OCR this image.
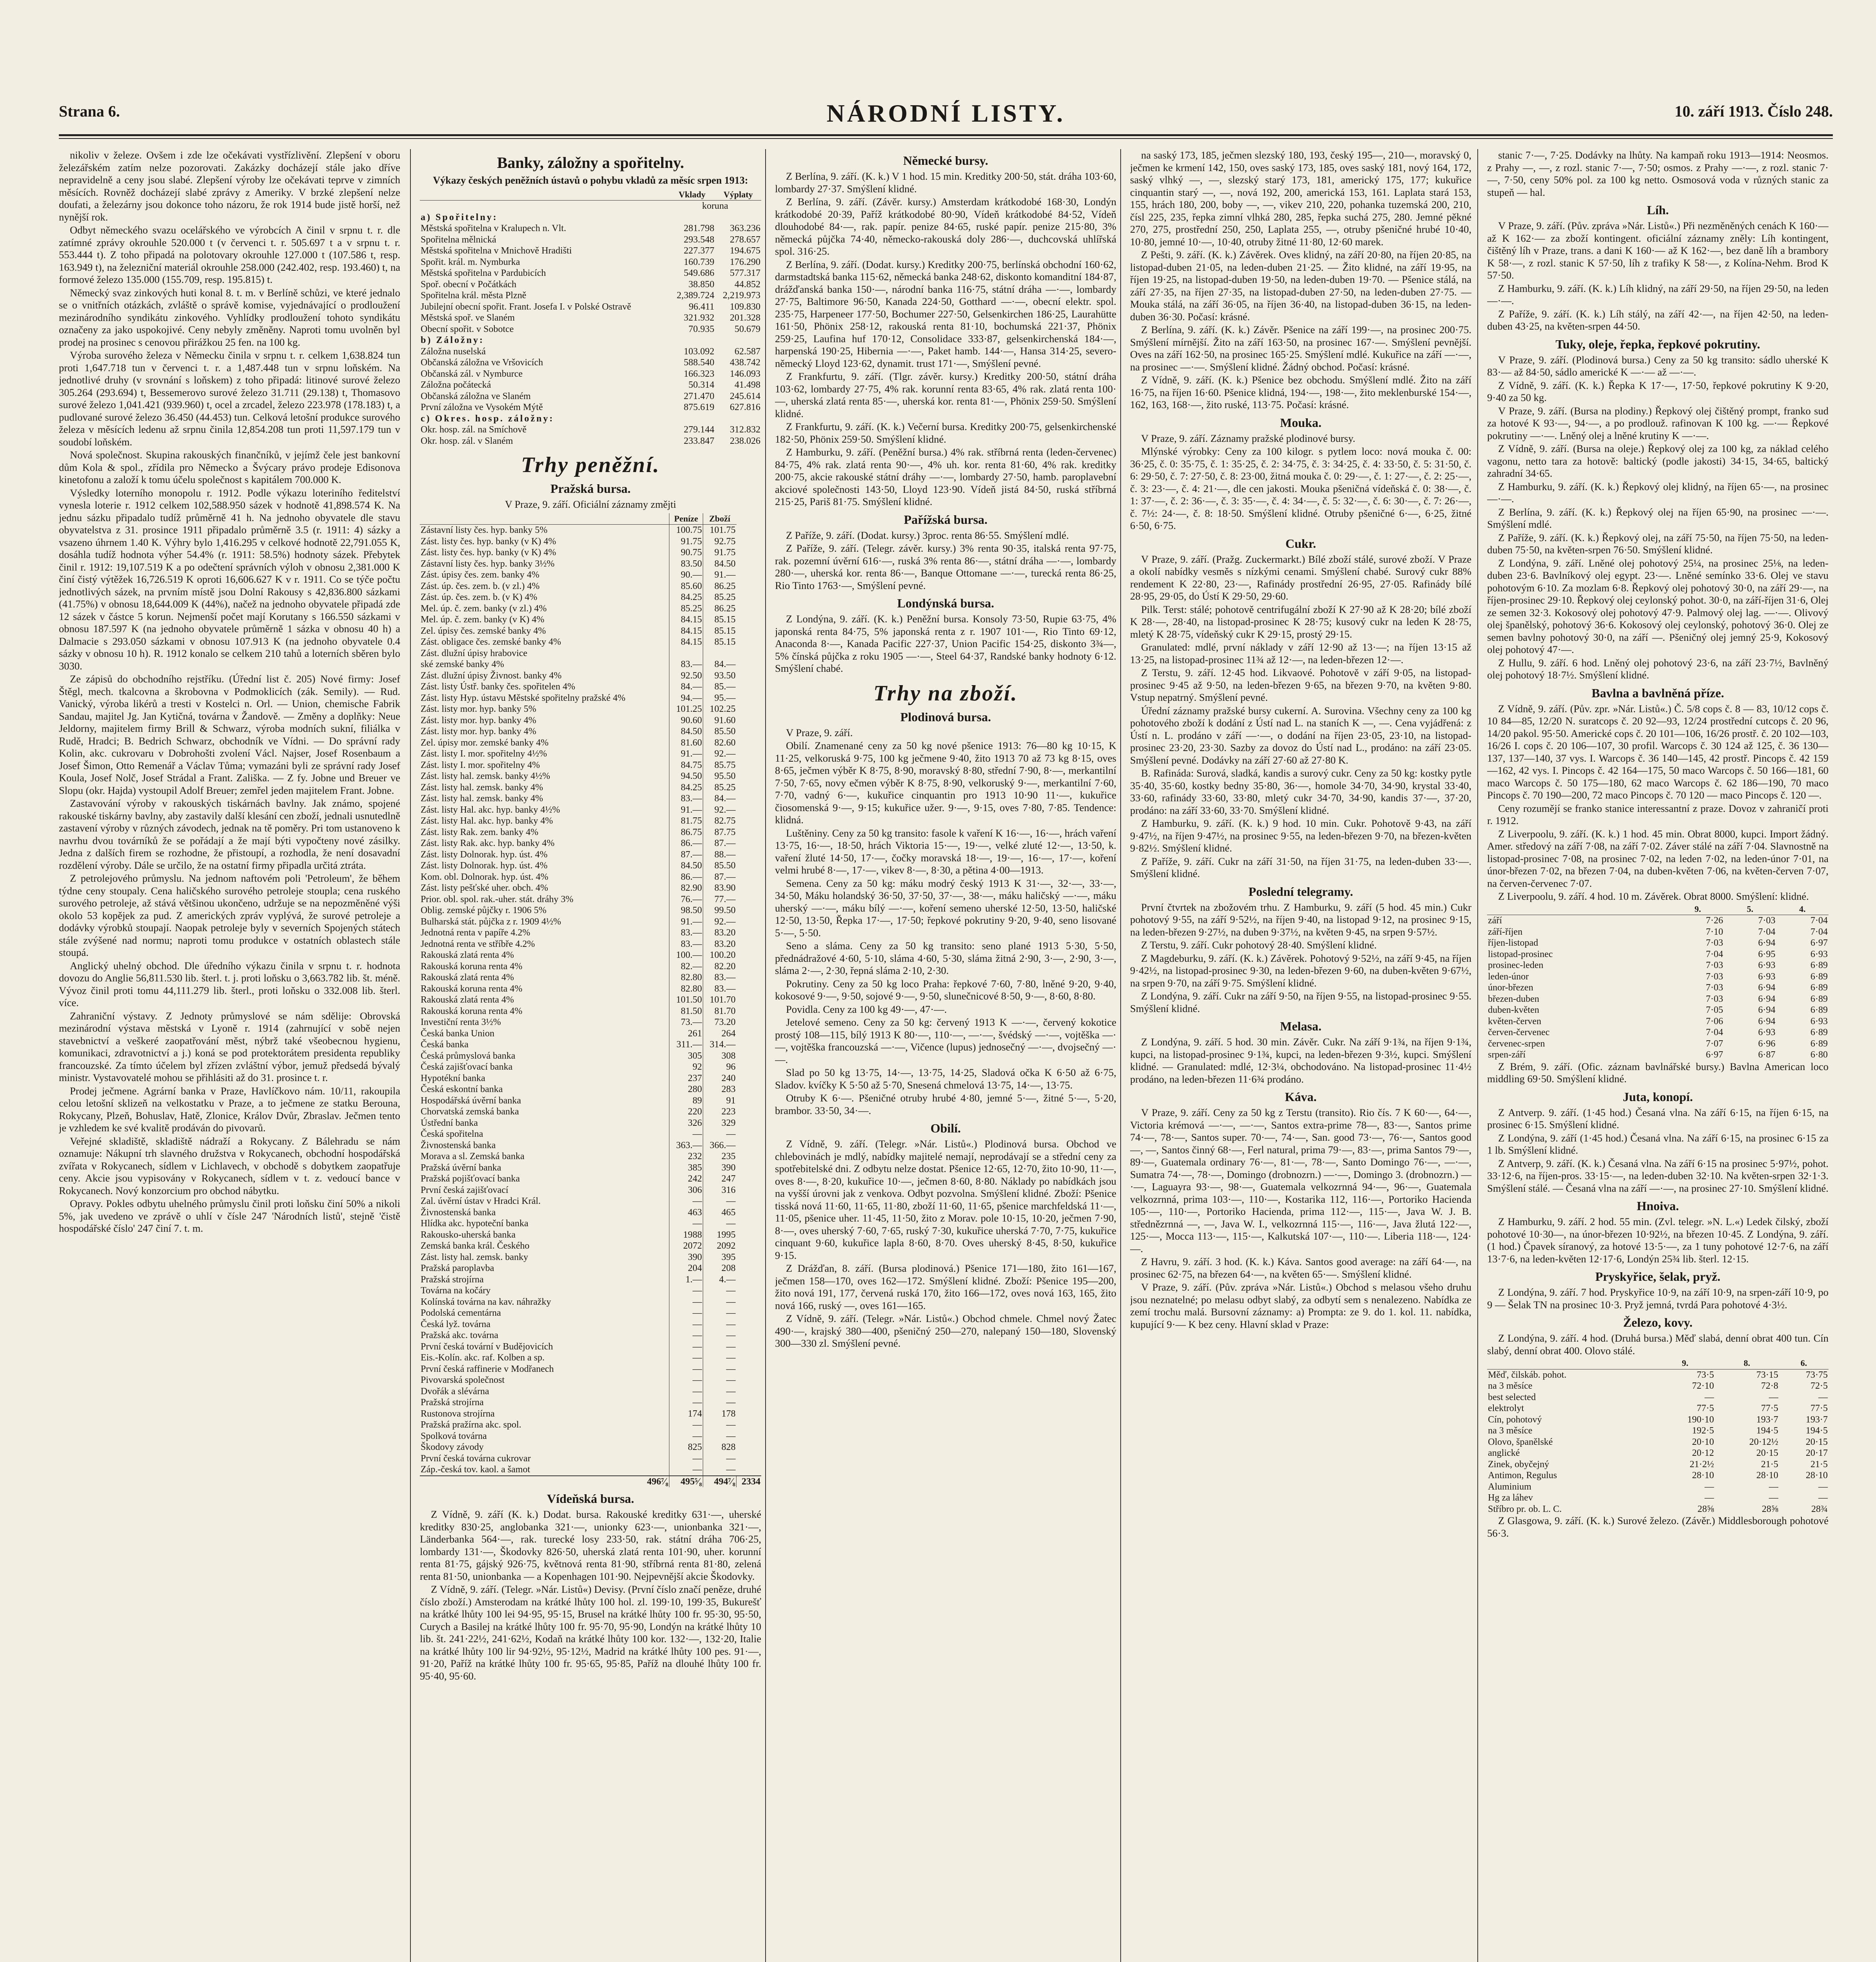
Strana 6.	NÁRODNÍ LISTY.	10. září 1913. Číslo 248.

nikoliv v železe. Ovšem i zde lze očekávati vystřízlivění. Zlepšení v oboru železářském zatím nelze pozorovati. Zakázky docházejí stále jako dříve nepravidelně a ceny jsou slabé. Zlepšení výroby lze očekávati teprve v zimních měsících. Rovněž docházejí slabé zprávy z Ameriky. V brzké zlepšení nelze doufati, a železárny jsou dokonce toho názoru, že rok 1914 bude jistě horší, než nynější rok.

Odbyt německého svazu ocelářského ve výrobcích A činil v srpnu t. r. dle zatímné zprávy okrouhle 520.000 t (v červenci t. r. 505.697 t a v srpnu t. r. 553.444 t). Z toho připadá na polotovary okrouhle 127.000 t (107.586 t, resp. 163.949 t), na železniční materiál okrouhle 258.000 (242.402, resp. 193.460) t, na formové železo 135.000 (155.709, resp. 195.815) t.

Německý svaz zinkových huti konal 8. t. m. v Berlíně schůzi, ve které jednalo se o vnitřních otázkách, zvláště o správě komise, vyjednávající o prodloužení mezinárodního syndikátu zinkového. Vyhlídky prodloužení tohoto syndikátu označeny za jako uspokojivé. Ceny nebyly změněny. Naproti tomu uvolněn byl prodej na prosinec s cenovou přirážkou 25 fen. na 100 kg.

Výroba surového železa v Německu činila v srpnu t. r. celkem 1,638.824 tun proti 1,647.718 tun v červenci t. r. a 1,487.448 tun v srpnu loňském. Na jednotlivé druhy (v srovnání s loňskem) z toho připadá: litinové surové železo 305.264 (293.694) t, Bessemerovo surové železo 31.711 (29.138) t, Thomasovo surové železo 1,041.421 (939.960) t, ocel a zrcadel, železo 223.978 (178.183) t, a pudlované surové železo 36.450 (44.453) tun. Celková letošní produkce surového železa v měsících ledenu až srpnu činila 12,854.208 tun proti 11,597.179 tun v soudobí loňském.

Nová společnost. Skupina rakouských finančníků, v jejímž čele jest bankovní dům Kola & spol., zřídila pro Německo a Švýcary právo prodeje Edisonova kinetofonu a založí k tomu účelu společnost s kapitálem 700.000 K.

Výsledky loterního monopolu r. 1912. Podle výkazu loteriního ředitelství vynesla loterie r. 1912 celkem 102,588.950 sázek v hodnotě 41,898.574 K. Na jednu sázku připadalo tudíž průměrně 41 h. Na jednoho obyvatele dle stavu obyvatelstva z 31. prosince 1911 připadalo průměrně 3.5 (r. 1911: 4) sázky a vsazeno úhrnem 1.40 K. Výhry bylo 1,416.295 v celkové hodnotě 22,791.055 K, dosáhla tudíž hodnota výher 54.4% (r. 1911: 58.5%) hodnoty sázek. Přebytek činil r. 1912: 19,107.519 K a po odečtení správních výloh v obnosu 2,381.000 K činí čistý výtěžek 16,726.519 K oproti 16,606.627 K v r. 1911. Co se týče počtu jednotlivých sázek, na prvním místě jsou Dolní Rakousy s 42,836.800 sázkami (41.75%) v obnosu 18,644.009 K (44%), načež na jednoho obyvatele připadá zde 12 sázek v částce 5 korun. Nejmenší počet mají Korutany s 166.550 sázkami v obnosu 187.597 K (na jednoho obyvatele průměrně 1 sázka v obnosu 40 h) a Dalmacie s 293.050 sázkami v obnosu 107.913 K (na jednoho obyvatele 0.4 sázky v obnosu 10 h). R. 1912 konalo se celkem 210 tahů a loterních sběren bylo 3030.

Ze zápisů do obchodního rejstříku. (Úřední list č. 205) Nové firmy: Josef Štěgl, mech. tkalcovna a škrobovna v Podmoklicích (zák. Semily). — Rud. Vanický, výroba likérů a tresti v Kostelci n. Orl. — Union, chemische Fabrik Sandau, majitel Jg. Jan Kytičná, továrna v Žandově. — Změny a doplňky: Neue Jeldorny, majitelem firmy Brill & Schwarz, výroba modních sukní, filiálka v Rudě, Hradci; B. Bedrich Schwarz, obchodník ve Vídni. — Do správní rady Kolin, akc. cukrovaru v Dobrohošti zvolení Václ. Najser, Josef Rosenbaum a Josef Šimon, Otto Remenář a Václav Tůma; vymazáni byli ze správní rady Josef Koula, Josef Nolč, Josef Strádal a Frant. Zališka. — Z fy. Jobne und Breuer ve Slopu (okr. Hajda) vystoupil Adolf Breuer; zemřel jeden majitelem Frant. Jobne.

Zastavování výroby v rakouských tiskárnách bavlny. Jak známo, spojené rakouské tiskárny bavlny, aby zastavily další klesání cen zboží, jednali usnutedlně zastavení výroby v různých závodech, jednak na tě poměry. Pri tom ustanoveno k navrhu dvou továrníků že se pořádají a že mají býti vypočteny nové zásilky. Jedna z dalších firem se rozhodne, že přistoupí, a rozhodla, že není dosavadní rozdělení výroby. Dále se určilo, že na ostatní firmy připadla určitá ztráta.

Z petrolejového průmyslu. Na jednom naftovém poli 'Petroleum', že během týdne ceny stoupaly. Cena haličského surového petroleje stoupla; cena ruského surového petroleje, až stává většinou ukončeno, udržuje se na nepozměněné výši okolo 53 kopějek za pud. Z amerických zpráv vyplývá, že surové petroleje a dodávky výrobků stoupají. Naopak petroleje byly v severních Spojených státech stále zvýšené nad normu; naproti tomu produkce v ostatních oblastech stále stoupá.

Anglický uhelný obchod. Dle úředního výkazu činila v srpnu t. r. hodnota dovozu do Anglie 56,811.530 lib. šterl. t. j. proti loňsku o 3,663.782 lib. št. méně. Vývoz činil proti tomu 44,111.279 lib. šterl., proti loňsku o 332.008 lib. šterl. více.

Zahraniční výstavy. Z Jednoty průmyslové se nám sdělije: Obrovská mezinárodní výstava městská v Lyoně r. 1914 (zahrnující v sobě nejen stavebnictví a veškeré zaopatřování měst, nýbrž také všeobecnou hygienu, komunikaci, zdravotnictví a j.) koná se pod protektorátem presidenta republiky francouzské. Za tímto účelem byl zřízen zvláštní výbor, jemuž předsedá bývalý ministr. Vystavovatelé mohou se přihlásiti až do 31. prosince t. r.

Prodej ječmene. Agrární banka v Praze, Havlíčkovo nám. 10/11, rakoupila celou letošní sklizeň na velkostatku v Praze, a to ječmene ze statku Berouna, Rokycany, Plzeň, Bohuslav, Hatě, Zlonice, Králov Dvůr, Zbraslav. Ječmen tento je vzhledem ke své kvalitě prodáván do pivovarů.

Veřejné skladiště, skladiště nádraží a Rokycany. Z Bálehradu se nám oznamuje: Nákupní trh slavného družstva v Rokycanech, obchodní hospodářská zvířata v Rokycanech, sídlem v Lichlavech, v obchodě s dobytkem zaopatřuje ceny. Akcie jsou vypisovány v Rokycanech, sídlem v t. z. vedoucí bance v Rokycanech. Nový konzorcium pro obchod nábytku.

Opravy. Pokles odbytu uhelného průmyslu činil proti loňsku činí 50% a nikoli 5%, jak uvedeno ve zprávě o uhlí v čísle 247 'Národních listů', stejně 'čistě hospodářské číslo' 247 činí 7. t. m.

Banky, záložny a spořitelny.
Výkazy českých peněžních ústavů o pohybu vkladů za měsíc srpen 1913:
	Vklady	Výplaty
	koruna	
a) Spořitelny:		
Městská spořitelna v Kralupech n. Vlt.	281.798	363.236
Spořitelna mělnická	293.548	278.657
Městská spořitelna v Mnichově Hradišti	227.377	194.675
Spořit. král. m. Nymburka	160.739	176.290
Městská spořitelna v Pardubicích	549.686	577.317
Spoř. obecní v Počátkách	38.850	44.852
Spořitelna král. města Plzně	2,389.724	2,219.973
Jubilejní obecní spořit. Frant. Josefa I. v Polské Ostravě	96.411	109.830
Městská spoř. ve Slaném	321.932	201.328
Obecní spořit. v Sobotce	70.935	50.679
b) Záložny:		
Záložna nuselská	103.092	62.587
Občanská záložna ve Vršovicích	588.540	438.742
Občanská zál. v Nymburce	166.323	146.093
Záložna počátecká	50.314	41.498
Občanská záložna ve Slaném	271.470	245.614
První záložna ve Vysokém Mýtě	875.619	627.816
c) Okres. hosp. záložny:		
Okr. hosp. zál. na Smíchově	279.144	312.832
Okr. hosp. zál. v Slaném	233.847	238.026
Trhy peněžní.
Pražská bursa.
V Praze, 9. září. Oficiální záznamy změjti
	Peníze	Zboží	
Zástavní listy čes. hyp. banky 5%	100.75	101.75	
Zást. listy čes. hyp. banky (v K) 4%	91.75	92.75	
Zást. listy čes. hyp. banky (v K) 4%	90.75	91.75	
Zástavní listy čes. hyp. banky 3½%	83.50	84.50	
Zást. úpisy čes. zem. banky 4%	90.—	91.—	
Zást. úp. čes. zem. b. (v zl.) 4%	85.60	86.25	
Zást. úp. čes. zem. b. (v K) 4%	84.25	85.25	
Mel. úp. č. zem. banky (v zl.) 4%	85.25	86.25	
Mel. úp. č. zem. banky (v K) 4%	84.15	85.15	
Zel. úpisy čes. zemské banky 4%	84.15	85.15	
Zást. obligace čes. zemské banky 4%	84.15	85.15	
Zást. dlužní úpisy hrabovice			
ské zemské banky 4%	83.—	84.—	
Zást. dlužní úpisy Živnost. banky 4%	92.50	93.50	
Zást. listy Ústř. banky čes. spořitelen 4%	84.—	85.—	
Zást. listy Hyp. ústavu Městské spořitelny pražské 4%	94.—	95.—	
Zást. listy mor. hyp. banky 5%	101.25	102.25	
Zást. listy mor. hyp. banky 4%	90.60	91.60	
Zást. listy mor. hyp. banky 4%	84.50	85.50	
Zel. úpisy mor. zemské banky 4%	81.60	82.60	
Zást. listy I. mor. spořitelny 4½%	91.—	92.—	
Zást. listy I. mor. spořitelny 4%	84.75	85.75	
Zást. listy hal. zemsk. banky 4½%	94.50	95.50	
Zást. listy hal. zemsk. banky 4%	84.25	85.25	
Zást. listy hal. zemsk. banky 4%	83.—	84.—	
Zást. listy Hal. akc. hyp. banky 4½%	91.—	92.—	
Zást. listy Hal. akc. hyp. banky 4%	81.75	82.75	
Zást. listy Rak. zem. banky 4%	86.75	87.75	
Zást. listy Rak. akc. hyp. banky 4%	86.—	87.—	
Zást. listy Dolnorak. hyp. úst. 4%	87.—	88.—	
Zást. listy Dolnorak. hyp. úst. 4%	84.50	85.50	
Kom. obl. Dolnorak. hyp. úst. 4%	86.—	87.—	
Zást. listy pešťské uher. obch. 4%	82.90	83.90	
Prior. obl. spol. rak.-uher. stát. dráhy 3%	76.—	77.—	
Oblig. zemské půjčky r. 1906 5%	98.50	99.50	
Bulharská stát. půjčka z r. 1909 4½%	91.—	92.—	
Jednotná renta v papíře 4.2%	83.—	83.20	
Jednotná renta ve stříbře 4.2%	83.—	83.20	
Rakouská zlatá renta 4%	100.—	100.20	
Rakouská koruna renta 4%	82.—	82.20	
Rakouská zlatá renta 4%	82.80	83.—	
Rakouská koruna renta 4%	82.80	83.—	
Rakouská zlatá renta 4%	101.50	101.70	
Rakouská koruna renta 4%	81.50	81.70	
Investiční renta 3½%	73.—	73.20	
Česká banka Union	261	264	
Česká banka	311.—	314.—	
Česká průmyslová banka	305	308	
Česká zajišťovací banka	92	96	
Hypotékní banka	237	240	
Česká eskontní banka	280	283	
Hospodářská úvěrní banka	89	91	
Chorvatská zemská banka	220	223	
Ústřední banka	326	329	
Česká spořitelna	—	—	
Živnostenská banka	363.—	366.—	
Morava a sl. Zemská banka	232	235	
Pražská úvěrní banka	385	390	
Pražská pojišťovací banka	242	247	
První česká zajišťovací	306	316	
Zal. úvěrní ústav v Hradci Král.	—	—	
Živnostenská banka	463	465	
Hlídka akc. hypoteční banka	—	—	
Rakousko-uherská banka	1988	1995	
Zemská banka král. Českého	2072	2092	
Zást. listy hal. zemsk. banky	390	395	
Pražská paroplavba	204	208	
Pražská strojírna	1.—	4.—	
Továrna na kočáry	—	—	
Kolínská továrna na kav. náhražky	—	—	
Podolská cementárna	—	—	
Česká lyž. továrna	—	—	
Pražská akc. továrna	—	—	
První česká tovární v Budějovicích	—	—	
Eis.-Kolín. akc. raf. Kolben a sp.	—	—	
První česká raffinerie v Modřanech	—	—	
Pivovarská společnost	—	—	
Dvořák a slévárna	—	—	
Pražská strojírna	—	—	
Rustonova strojírna	174	178	
Pražská pražírna akc. spol.	—	—	
Spolková továrna	—	—	
Škodovy závody	825	828	
První česká továrna cukrovar	—	—	
Záp.-česká tov. kaol. a šamot	—	—	
496⁷⁄₈	495⁵⁄₈	494⁷⁄₈	2334
Vídeňská bursa.

Z Vídně, 9. září (K. k.) Dodat. bursa. Rakouské kreditky 631·—, uherské kreditky 830·25, anglobanka 321·—, unionky 623·—, unionbanka 321·—, Länderbanka 564·—, rak. turecké losy 233·50, rak. státní dráha 706·25, lombardy 131·—, Škodovky 826·50, uherská zlatá renta 101·90, uher. korunní renta 81·75, gájský 926·75, květnová renta 81·90, stříbrná renta 81·80, zelená renta 81·50, unionbanka — a Kopenhagen 101·90. Nejpevnější akcie Škodovky.

Z Vídně, 9. září. (Telegr. »Nár. Listů«) Devisy. (První číslo značí peněze, druhé číslo zboží.) Amsterodam na krátké lhůty 100 hol. zl. 199·10, 199·35, Bukurešť na krátké lhůty 100 lei 94·95, 95·15, Brusel na krátké lhůty 100 fr. 95·30, 95·50, Curych a Basilej na krátké lhůty 100 fr. 95·70, 95·90, Londýn na krátké lhůty 10 lib. št. 241·22½, 241·62½, Kodaň na krátké lhůty 100 kor. 132·—, 132·20, Italie na krátké lhůty 100 lir 94·92½, 95·12½, Madrid na krátké lhůty 100 pes. 91·—, 91·20, Paříž na krátké lhůty 100 fr. 95·65, 95·85, Paříž na dlouhé lhůty 100 fr. 95·40, 95·60.

Německé bursy.

Z Berlína, 9. září. (K. k.) V 1 hod. 15 min. Kreditky 200·50, stát. dráha 103·60, lombardy 27·37. Smýšlení klidné.

Z Berlína, 9. září. (Závěr. kursy.) Amsterdam krátkodobé 168·30, Londýn krátkodobé 20·39, Paříž krátkodobé 80·90, Vídeň krátkodobé 84·52, Vídeň dlouhodobé 84·—, rak. papír. penize 84·65, ruské papír. penize 215·80, 3% německá půjčka 74·40, německo-rakouská doly 286·—, duchcovská uhlířská spol. 316·25.

Z Berlína, 9. září. (Dodat. kursy.) Kreditky 200·75, berlínská obchodní 160·62, darmstadtská banka 115·62, německá banka 248·62, diskonto komanditní 184·87, drážďanská banka 150·—, národní banka 116·75, státní dráha —·—, lombardy 27·75, Baltimore 96·50, Kanada 224·50, Gotthard —·—, obecní elektr. spol. 235·75, Harpeneer 177·50, Bochumer 227·50, Gelsenkirchen 186·25, Laurahütte 161·50, Phönix 258·12, rakouská renta 81·10, bochumská 221·37, Phönix 259·25, Laufina huf 170·12, Consolidace 333·87, gelsenkirchenská 184·—, harpenská 190·25, Hibernia —·—, Paket hamb. 144·—, Hansa 314·25, severo-německý Lloyd 123·62, dynamit. trust 171·—, Smýšlení pevné.

Z Frankfurtu, 9. září. (Tlgr. závěr. kursy.) Kreditky 200·50, státní dráha 103·62, lombardy 27·75, 4% rak. korunní renta 83·65, 4% rak. zlatá renta 100·—, uherská zlatá renta 85·—, uherská kor. renta 81·—, Phönix 259·50. Smýšlení klidné.

Z Frankfurtu, 9. září. (K. k.) Večerní bursa. Kreditky 200·75, gelsenkirchenské 182·50, Phönix 259·50. Smýšlení klidné.

Z Hamburku, 9. září. (Peněžní bursa.) 4% rak. stříbrná renta (leden-červenec) 84·75, 4% rak. zlatá renta 90·—, 4% uh. kor. renta 81·60, 4% rak. kreditky 200·75, akcie rakouské státní dráhy —·—, lombardy 27·50, hamb. paroplavební akciové společnosti 143·50, Lloyd 123·90. Vídeň jistá 84·50, ruská stříbrná 215·25, Pariš 81·75. Smýšlení klidné.

Pařížská bursa.

Z Paříže, 9. září. (Dodat. kursy.) 3proc. renta 86·55. Smýšlení mdlé.

Z Paříže, 9. září. (Telegr. závěr. kursy.) 3% renta 90·35, italská renta 97·75, rak. pozemní úvěrní 616·—, ruská 3% renta 86·—, státní dráha —·—, lombardy 280·—, uherská kor. renta 86·—, Banque Ottomane —·—, turecká renta 86·25, Rio Tinto 1763·—, Smýšlení pevné.

Londýnská bursa.

Z Londýna, 9. září. (K. k.) Peněžní bursa. Konsoly 73·50, Rupie 63·75, 4% japonská renta 84·75, 5% japonská renta z r. 1907 101·—, Rio Tinto 69·12, Anaconda 8·—, Kanada Pacific 227·37, Union Pacific 154·25, diskonto 3¾—, 5% čínská půjčka z roku 1905 —·—, Steel 64·37, Randské banky hodnoty 6·12. Smýšlení chabé.

Trhy na zboží.
Plodinová bursa.

V Praze, 9. září.

Obilí. Znamenané ceny za 50 kg nové pšenice 1913: 76—80 kg 10·15, K 11·25, velkoruská 9·75, 100 kg ječmene 9·40, žito 1913 70 až 73 kg 8·15, oves 8·65, ječmen výběr K 8·75, 8·90, moravský 8·80, střední 7·90, 8·—, merkantilní 7·50, 7·65, novy ečmen výběr K 8·75, 8·90, velkoruský 9·—, merkantilní 7·60, 7·70, vadný 6·—, kukuřice cinquantin pro 1913 10·90 11·—, kukuřice čiosomenská 9·—, 9·15; kukuřice užer. 9·—, 9·15, oves 7·80, 7·85. Tendence: klidná.

Luštěniny. Ceny za 50 kg transito: fasole k vaření K 16·—, 16·—, hrách vaření 13·75, 16·—, 18·50, hrách Viktoria 15·—, 19·—, velké zluté 12·—, 13·50, k. vaření žluté 14·50, 17·—, čočky moravská 18·—, 19·—, 16·—, 17·—, koření velmi hrubé 8·—, 17·—, vikev 8·—, 8·30, a pětina 4·00—1913.

Semena. Ceny za 50 kg: máku modrý český 1913 K 31·—, 32·—, 33·—, 34·50, Máku holandský 36·50, 37·50, 37·—, 38·—, máku haličský —·—, máku uherský —·—, máku bílý —·—, koření semeno uherské 12·50, 13·50, haličské 12·50, 13·50, Řepka 17·—, 17·50; řepkové pokrutiny 9·20, 9·40, seno lisované 5·—, 5·50.

Seno a sláma. Ceny za 50 kg transito: seno plané 1913 5·30, 5·50, přednádražové 4·60, 5·10, sláma 4·60, 5·30, sláma žitná 2·90, 3·—, 2·90, 3·—, sláma 2·—, 2·30, řepná sláma 2·10, 2·30.

Pokrutiny. Ceny za 50 kg loco Praha: řepkové 7·60, 7·80, lněné 9·20, 9·40, kokosové 9·—, 9·50, sojové 9·—, 9·50, slunečnicové 8·50, 9·—, 8·60, 8·80.

Povidla. Ceny za 100 kg 49·—, 47·—.

Jetelové semeno. Ceny za 50 kg: červený 1913 K —·—, červený kokotice prostý 108—115, bílý 1913 K 80·—, 110·—, —·—, švédský —·—, vojtěška —·—, vojtěška francouzská —·—, Vičence (lupus) jednosečný —·—, dvojsečný —·—.

Slad po 50 kg 13·75, 14·—, 13·75, 14·25, Sladová očka K 6·50 až 6·75, Sladov. kvíčky K 5·50 až 5·70, Snesená chmelová 13·75, 14·—, 13·75.

Otruby K 6·—. Pšeničné otruby hrubé 4·80, jemné 5·—, žitné 5·—, 5·20, brambor. 33·50, 34·—.

Obilí.

Z Vídně, 9. září. (Telegr. »Nár. Listů«.) Plodinová bursa. Obchod ve chlebovinách je mdlý, nabídky majitelé nemají, neprodávají se a střední ceny za spotřebitelské dni. Z odbytu nelze dostat. Pšenice 12·65, 12·70, žito 10·90, 11·—, oves 8·—, 8·20, kukuřice 10·—, ječmen 8·60, 8·80. Náklady po nabídkách jsou na vyšší úrovni jak z venkova. Odbyt pozvolna. Smýšlení klidné. Zboží: Pšenice tisská nová 11·60, 11·65, 11·80, zboží 11·60, 11·65, pšenice marchfeldská 11·—, 11·05, pšenice uher. 11·45, 11·50, žito z Morav. pole 10·15, 10·20, ječmen 7·90, 8·—, oves uherský 7·60, 7·65, ruský 7·30, kukuřice uherská 7·70, 7·75, kukuřice cinquant 9·60, kukuřice lapla 8·60, 8·70. Oves uherský 8·45, 8·50, kukuřice 9·15.

Z Drážďan, 8. září. (Bursa plodinová.) Pšenice 171—180, žito 161—167, ječmen 158—170, oves 162—172. Smýšlení klidné. Zboží: Pšenice 195—200, žito nová 191, 177, červená ruská 170, žito 166—172, oves nová 163, 165, žito nová 166, ruský —, oves 161—165.

Z Vídně, 9. září. (Telegr. »Nár. Listů«.) Obchod chmele. Chmel nový Žatec 490·—, krajský 380—400, pšeničný 250—270, nalepaný 150—180, Slovenský 300—330 zl. Smýšlení pevné.

na saský 173, 185, ječmen slezský 180, 193, český 195—, 210—, moravský 0, ječmen ke krmení 142, 150, oves saský 173, 185, oves saský 181, nový 164, 172, saský vlhký —, —, slezský starý 173, 181, americký 175, 177; kukuřice cinquantin starý —, —, nová 192, 200, americká 153, 161. Laplata stará 153, 155, hrách 180, 200, boby —, —, vikev 210, 220, pohanka tuzemská 200, 210, čísl 225, 235, řepka zimní vlhká 280, 285, řepka suchá 275, 280. Jemné pěkné 270, 275, prostřední 250, 250, Laplata 255, —, otruby pšeničné hrubé 10·40, 10·80, jemné 10·—, 10·40, otruby žitné 11·80, 12·60 marek.

Z Pešti, 9. září. (K. k.) Závěrek. Oves klidný, na září 20·80, na říjen 20·85, na listopad-duben 21·05, na leden-duben 21·25. — Žito klidné, na září 19·95, na říjen 19·25, na listopad-duben 19·50, na leden-duben 19·70. — Pšenice stálá, na září 27·35, na říjen 27·35, na listopad-duben 27·50, na leden-duben 27·75. — Mouka stálá, na září 36·05, na říjen 36·40, na listopad-duben 36·15, na leden-duben 36·30. Počasí: krásné.

Z Berlína, 9. září. (K. k.) Závěr. Pšenice na září 199·—, na prosinec 200·75. Smýšlení mírnější. Žito na září 163·50, na prosinec 167·—. Smýšlení pevnější. Oves na září 162·50, na prosinec 165·25. Smýšlení mdlé. Kukuřice na září —·—, na prosinec —·—. Smýšlení klidné. Žádný obchod. Počasí: krásné.

Z Vídně, 9. září. (K. k.) Pšenice bez obchodu. Smýšlení mdlé. Žito na září 16·75, na říjen 16·60. Pšenice klidná, 194·—, 198·—, žito meklenburské 154·—, 162, 163, 168·—, žito ruské, 113·75. Počasí: krásné.

Mouka.

V Praze, 9. září. Záznamy pražské plodinové bursy.

Mlýnské výrobky: Ceny za 100 kilogr. s pytlem loco: nová mouka č. 00: 36·25, č. 0: 35·75, č. 1: 35·25, č. 2: 34·75, č. 3: 34·25, č. 4: 33·50, č. 5: 31·50, č. 6: 29·50, č. 7: 27·50, č. 8: 23·00, žitná mouka č. 0: 29·—, č. 1: 27·—, č. 2: 25·—, č. 3: 23·—, č. 4: 21·—, dle cen jakosti. Mouka pšeničná vídeňská č. 0: 38·—, č. 1: 37·—, č. 2: 36·—, č. 3: 35·—, č. 4: 34·—, č. 5: 32·—, č. 6: 30·—, č. 7: 26·—, č. 7½: 24·—, č. 8: 18·50. Smýšlení klidné. Otruby pšeničné 6·—, 6·25, žitné 6·50, 6·75.

Cukr.

V Praze, 9. září. (Pražg. Zuckermarkt.) Bílé zboží stálé, surové zboží. V Praze a okolí nabídky vesměs s nízkými cenami. Smýšlení chabé. Surový cukr 88% rendement K 22·80, 23·—, Rafinády prostřední 26·95, 27·05. Rafinády bílé 28·95, 29·05, do Ústí K 29·50, 29·60.

Pilk. Terst: stálé; pohotově centrifugální zboží K 27·90 až K 28·20; bílé zboží K 28·—, 28·40, na listopad-prosinec K 28·75; kusový cukr na leden K 28·75, mletý K 28·75, vídeňský cukr K 29·15, prostý 29·15.

Granulated: mdlé, první náklady v září 12·90 až 13·—; na říjen 13·15 až 13·25, na listopad-prosinec 11¾ až 12·—, na leden-březen 12·—.

Z Terstu, 9. září. 12·45 hod. Likvaové. Pohotově v září 9·05, na listopad-prosinec 9·45 až 9·50, na leden-březen 9·65, na březen 9·70, na květen 9·80. Vstup nepatrný. Smýšlení pevné.

Úřední záznamy pražské bursy cukerní. A. Surovina. Všechny ceny za 100 kg pohotového zboží k dodání z Ústí nad L. na staních K —, —. Cena vyjádřená: z Ústí n. L. prodáno v září —·—, o dodání na říjen 23·05, 23·10, na listopad-prosinec 23·20, 23·30. Sazby za dovoz do Ústí nad L., prodáno: na září 23·05. Smýšlení pevné. Dodávky na září 27·60 až 27·80 K.

B. Rafináda: Surová, sladká, kandis a surový cukr. Ceny za 50 kg: kostky pytle 35·40, 35·60, kostky bedny 35·80, 36·—, homole 34·70, 34·90, krystal 33·40, 33·60, rafinády 33·60, 33·80, mletý cukr 34·70, 34·90, kandis 37·—, 37·20, prodáno: na září 33·60, 33·70. Smýšlení klidné.

Z Hamburku, 9. září. (K. k.) 9 hod. 10 min. Cukr. Pohotově 9·43, na září 9·47½, na říjen 9·47½, na prosinec 9·55, na leden-březen 9·70, na březen-květen 9·82½. Smýšlení klidné.

Z Paříže, 9. září. Cukr na září 31·50, na říjen 31·75, na leden-duben 33·—. Smýšlení klidné.

Poslední telegramy.

První čtvrtek na zbožovém trhu. Z Hamburku, 9. září (5 hod. 45 min.) Cukr pohotový 9·55, na září 9·52½, na říjen 9·40, na listopad 9·12, na prosinec 9·15, na leden-březen 9·27½, na duben 9·37½, na květen 9·45, na srpen 9·57½.

Z Terstu, 9. září. Cukr pohotový 28·40. Smýšlení klidné.

Z Magdeburku, 9. září. (K. k.) Závěrek. Pohotový 9·52½, na září 9·45, na říjen 9·42½, na listopad-prosinec 9·30, na leden-březen 9·60, na duben-květen 9·67½, na srpen 9·70, na září 9·75. Smýšlení klidné.

Z Londýna, 9. září. Cukr na září 9·50, na říjen 9·55, na listopad-prosinec 9·55. Smýšlení klidné.

Melasa.

Z Londýna, 9. září. 5 hod. 30 min. Závěr. Cukr. Na září 9·1¾, na říjen 9·1¾, kupci, na listopad-prosinec 9·1¾, kupci, na leden-březen 9·3½, kupci. Smýšlení klidné. — Granulated: mdlé, 12·3¼, obchodováno. Na listopad-prosinec 11·4½ prodáno, na leden-březen 11·6¾ prodáno.

Káva.

V Praze, 9. září. Ceny za 50 kg z Terstu (transito). Rio čís. 7 K 60·—, 64·—, Victoria krémová —·—, —·—, Santos extra-prime 78—, 83·—, Santos prime 74·—, 78·—, Santos super. 70·—, 74·—, San. good 73·—, 76·—, Santos good —, —, Santos činný 68·—, Ferl natural, prima 79·—, 83·—, prima Santos 79·—, 89·—, Guatemala ordinary 76·—, 81·—, 78·—, Santo Domingo 76·—, —·—, Sumatra 74·—, 78·—, Domingo (drobnozrn.) —·—, Domingo 3. (drobnozrn.) —·—, Laguayra 93·—, 98·—, Guatemala velkozrnná 94·—, 96·—, Guatemala velkozrnná, prima 103·—, 110·—, Kostarika 112, 116·—, Portoriko Hacienda 105·—, 110·—, Portoriko Hacienda, prima 112·—, 115·—, Java W. J. B. střednězrnná —, —, Java W. I., velkozrnná 115·—, 116·—, Java žlutá 122·—, 125·—, Mocca 113·—, 115·—, Kalkutská 107·—, 110·—. Liberia 118·—, 124·—.

Z Havru, 9. září. 3 hod. (K. k.) Káva. Santos good average: na září 64·—, na prosinec 62·75, na březen 64·—, na květen 65·—. Smýšlení klidné.

V Praze, 9. září. (Pův. zpráva »Nár. Listů«.) Obchod s melasou všeho druhu jsou neznatelné; po melasu odbyt slabý, za odbytí sem s nenalezeno. Nabídka ze zemí trochu malá. Bursovní záznamy: a) Prompta: ze 9. do 1. kol. 11. nabídka, kupující 9·— K bez ceny. Hlavní sklad v Praze:

stanic 7·—, 7·25. Dodávky na lhůty. Na kampaň roku 1913—1914: Neosmos. z Prahy —, —, z rozl. stanic 7·—, 7·50; osmos. z Prahy —·—, z rozl. stanic 7·—, 7·50, ceny 50% pol. za 100 kg netto. Osmosová voda v různých stanic za stupeň — hal.

Líh.

V Praze, 9. září. (Pův. zpráva »Nár. Listů«.) Při nezměněných cenách K 160·— až K 162·— za zboží kontingent. oficiální záznamy zněly: Líh kontingent, čištěný líh v Praze, trans. a dani K 160·— až K 162·—, bez daně líh a brambory K 58·—, z rozl. stanic K 57·50, líh z trafiky K 58·—, z Kolína-Nehm. Brod K 57·50.

Z Hamburku, 9. září. (K. k.) Líh klidný, na září 29·50, na říjen 29·50, na leden —·—.

Z Paříže, 9. září. (K. k.) Líh stálý, na září 42·—, na říjen 42·50, na leden-duben 43·25, na květen-srpen 44·50.

Tuky, oleje, řepka, řepkové pokrutiny.

V Praze, 9. září. (Plodinová bursa.) Ceny za 50 kg transito: sádlo uherské K 83·— až 84·50, sádlo americké K —·— až —·—.

Z Vídně, 9. září. (K. k.) Řepka K 17·—, 17·50, řepkové pokrutiny K 9·20, 9·40 za 50 kg.

V Praze, 9. září. (Bursa na plodiny.) Řepkový olej čištěný prompt, franko sud za hotové K 93·—, 94·—, a po prodlouž. rafinovan K 100 kg. —·— Řepkové pokrutiny —·—. Lněný olej a lněné krutiny K —·—.

Z Vídně, 9. září. (Bursa na oleje.) Řepkový olej za 100 kg, za náklad celého vagonu, netto tara za hotově: baltický (podle jakosti) 34·15, 34·65, baltický zahradní 34·65.

Z Hamburku, 9. září. (K. k.) Řepkový olej klidný, na říjen 65·—, na prosinec —·—.

Z Berlína, 9. září. (K. k.) Řepkový olej na říjen 65·90, na prosinec —·—. Smýšlení mdlé.

Z Paříže, 9. září. (K. k.) Řepkový olej, na září 75·50, na říjen 75·50, na leden-duben 75·50, na květen-srpen 76·50. Smýšlení klidné.

Z Londýna, 9. září. Lněné olej pohotový 25¼, na prosinec 25⅛, na leden-duben 23·6. Bavlníkový olej egypt. 23·—. Lněné semínko 33·6. Olej ve stavu pohotovým 6·10. Za mozlam 6·8. Řepkový olej pohotový 30·0, na září 29·—, na říjen-prosinec 29·10. Řepkový olej ceylonský pohot. 30·0, na září-říjen 31·6, Olej ze semen 32·3. Kokosový olej pohotový 47·9. Palmový olej lag. —·—. Olivový olej španělský, pohotový 36·6. Kokosový olej ceylonský, pohotový 36·0. Olej ze semen bavlny pohotový 30·0, na září —. Pšeničný olej jemný 25·9, Kokosový olej pohotový 47·—.

Z Hullu, 9. září. 6 hod. Lněný olej pohotový 23·6, na září 23·7½, Bavlněný olej pohotový 18·7½. Smýšlení klidné.

Bavlna a bavlněná příze.

Z Vídně, 9. září. (Pův. zpr. »Nár. Listů«.) Č. 5/8 cops č. 8 — 83, 10/12 cops č. 10 84—85, 12/20 N. suratcops č. 20 92—93, 12/24 prostřední cutcops č. 20 96, 14/20 pakol. 95·50. Americké cops č. 20 101—106, 16/26 prostř. č. 20 102—103, 16/26 I. cops č. 20 106—107, 30 profil. Warcops č. 30 124 až 125, č. 36 130—137, 137—140, 37 vys. I. Warcops č. 36 140—145, 42 prostř. Pincops č. 42 159—162, 42 vys. I. Pincops č. 42 164—175, 50 maco Warcops č. 50 166—181, 60 maco Warcops č. 50 175—180, 62 maco Warcops č. 62 186—190, 70 maco Pincops č. 70 190—200, 72 maco Pincops č. 70 120 — maco Pincops č. 120 —.

Ceny rozumějí se franko stanice interessantní z praze. Dovoz v zahraničí proti r. 1912.

Z Liverpoolu, 9. září. (K. k.) 1 hod. 45 min. Obrat 8000, kupci. Import žádný. Amer. středový na září 7·08, na září 7·02. Záver stálé na září 7·04. Slavnostně na listopad-prosinec 7·08, na prosinec 7·02, na leden 7·02, na leden-únor 7·01, na únor-březen 7·02, na březen 7·04, na duben-květen 7·06, na květen-červen 7·07, na červen-červenec 7·07.

Z Liverpoolu, 9. září. 4 hod. 10 m. Závěrek. Obrat 8000. Smýšlení: klidné.

	9.	5.	4.
září	7·26	7·03	7·04
září-říjen	7·10	7·04	7·04
říjen-listopad	7·03	6·94	6·97
listopad-prosinec	7·04	6·95	6·93
prosinec-leden	7·03	6·93	6·89
leden-únor	7·03	6·93	6·89
únor-březen	7·03	6·94	6·89
březen-duben	7·03	6·94	6·89
duben-květen	7·05	6·94	6·89
květen-červen	7·06	6·94	6·93
červen-červenec	7·04	6·93	6·89
červenec-srpen	7·07	6·96	6·89
srpen-září	6·97	6·87	6·80

Z Brém, 9. září. (Ofic. záznam bavlnářské bursy.) Bavlna American loco middling 69·50. Smýšlení klidné.

Juta, konopí.

Z Antverp. 9. září. (1·45 hod.) Česaná vlna. Na září 6·15, na říjen 6·15, na prosinec 6·15. Smýšlení klidné.

Z Londýna, 9. září (1·45 hod.) Česaná vlna. Na září 6·15, na prosinec 6·15 za 1 lb. Smýšlení klidné.

Z Antverp, 9. září. (K. k.) Česaná vlna. Na září 6·15 na prosinec 5·97½, pohot. 33·12·6, na říjen-pros. 33·15·—, na leden-duben 32·10. Na květen-srpen 32·1·3. Smýšlení stálé. — Česaná vlna na září —·—, na prosinec 27·10. Smýšlení klidné.

Hnoiva.

Z Hamburku, 9. září. 2 hod. 55 min. (Zvl. telegr. »N. L.«) Ledek čilský, zboží pohotové 10·30—, na únor-březen 10·92½, na březen 10·45. Z Londýna, 9. září. (1 hod.) Čpavek síranový, za hotové 13·5·—, za 1 tuny pohotové 12·7·6, na září 13·7·6, na leden-květen 12·17·6, Londýn 25¾ lib. šterl. 12·15.

Pryskyřice, šelak, pryž.

Z Londýna, 9. září. 7 hod. Pryskyřice 10·9, na září 10·9, na srpen-září 10·9, po 9 — Šelak TN na prosinec 10·3. Pryž jemná, tvrdá Para pohotové 4·3½.

Železo, kovy.

Z Londýna, 9. září. 4 hod. (Druhá bursa.) Měď slabá, denní obrat 400 tun. Cín slabý, denní obrat 400. Olovo stálé.

	9.	8.	6.
Měď, čilskáb. pohot.	73·5	73·15	73·75
na 3 měsíce	72·10	72·8	72·5
best selected	—	—	—
elektrolyt	77·5	77·5	77·5
Cín, pohotový	190·10	193·7	193·7
na 3 měsíce	192·5	194·5	194·5
Olovo, španělské	20·10	20·12½	20·15
anglické	20·12	20·15	20·17
Zinek, obyčejný	21·2½	21·5	21·5
Antimon, Regulus	28·10	28·10	28·10
Aluminium	—	—	—
Hg za láhev	—	—	—
Stříbro pr. ob. L. C.	28⅝	28⅝	28¾

Z Glasgowa, 9. září. (K. k.) Surové železo. (Závěr.) Middlesborough pohotové 56·3.
